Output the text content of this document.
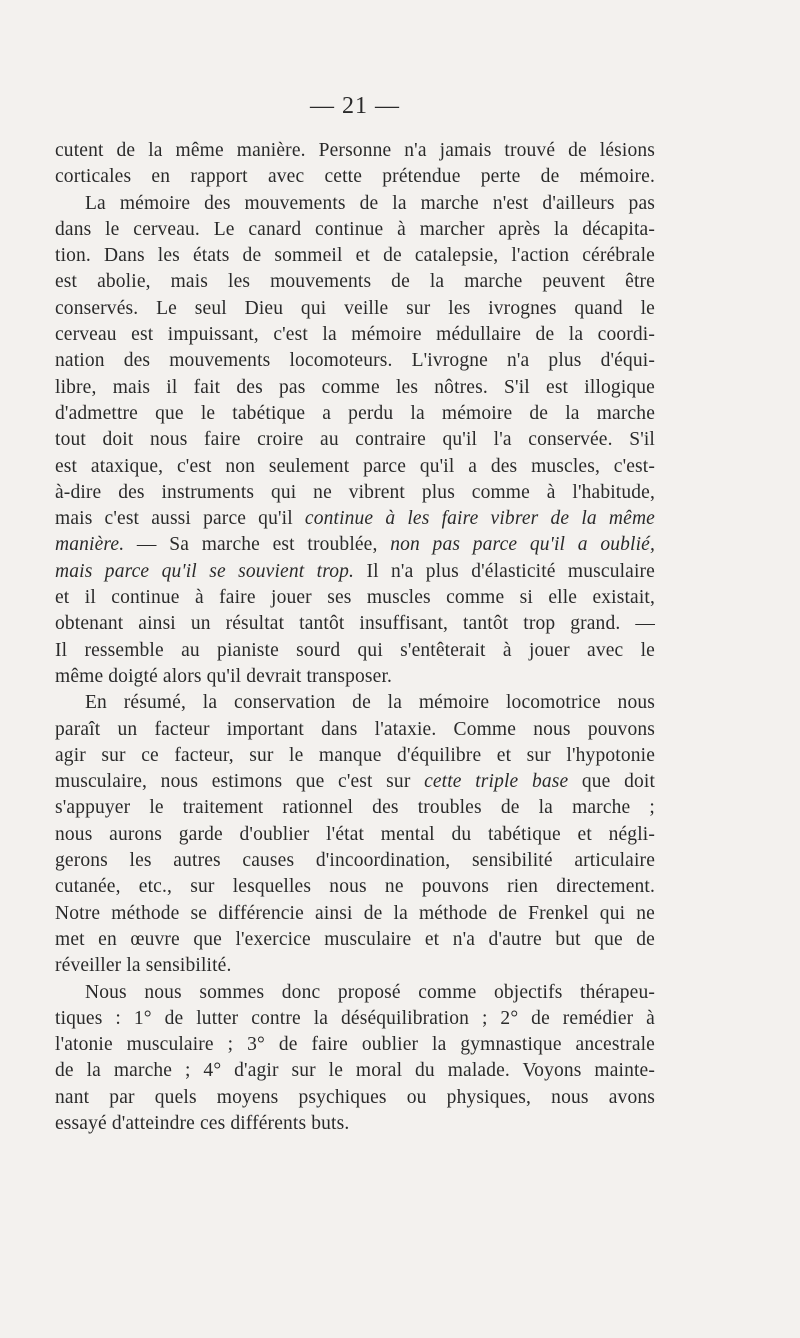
— 21 —
cutent de la même manière. Personne n'a jamais trouvé de lésions
corticales en rapport avec cette prétendue perte de mémoire.
La mémoire des mouvements de la marche n'est d'ailleurs pas
dans le cerveau. Le canard continue à marcher après la décapita-
tion. Dans les états de sommeil et de catalepsie, l'action cérébrale
est abolie, mais les mouvements de la marche peuvent être
conservés. Le seul Dieu qui veille sur les ivrognes quand le
cerveau est impuissant, c'est la mémoire médullaire de la coordi-
nation des mouvements locomoteurs. L'ivrogne n'a plus d'équi-
libre, mais il fait des pas comme les nôtres. S'il est illogique
d'admettre que le tabétique a perdu la mémoire de la marche
tout doit nous faire croire au contraire qu'il l'a conservée. S'il
est ataxique, c'est non seulement parce qu'il a des muscles, c'est-
à-dire des instruments qui ne vibrent plus comme à l'habitude,
mais c'est aussi parce qu'il continue à les faire vibrer de la même
manière. — Sa marche est troublée, non pas parce qu'il a oublié,
mais parce qu'il se souvient trop. Il n'a plus d'élasticité musculaire
et il continue à faire jouer ses muscles comme si elle existait,
obtenant ainsi un résultat tantôt insuffisant, tantôt trop grand. —
Il ressemble au pianiste sourd qui s'entêterait à jouer avec le
même doigté alors qu'il devrait transposer.
En résumé, la conservation de la mémoire locomotrice nous
paraît un facteur important dans l'ataxie. Comme nous pouvons
agir sur ce facteur, sur le manque d'équilibre et sur l'hypotonie
musculaire, nous estimons que c'est sur cette triple base que doit
s'appuyer le traitement rationnel des troubles de la marche ;
nous aurons garde d'oublier l'état mental du tabétique et négli-
gerons les autres causes d'incoordination, sensibilité articulaire
cutanée, etc., sur lesquelles nous ne pouvons rien directement.
Notre méthode se différencie ainsi de la méthode de Frenkel qui ne
met en œuvre que l'exercice musculaire et n'a d'autre but que de
réveiller la sensibilité.
Nous nous sommes donc proposé comme objectifs thérapeu-
tiques : 1° de lutter contre la déséquilibration ; 2° de remédier à
l'atonie musculaire ; 3° de faire oublier la gymnastique ancestrale
de la marche ; 4° d'agir sur le moral du malade. Voyons mainte-
nant par quels moyens psychiques ou physiques, nous avons
essayé d'atteindre ces différents buts.
